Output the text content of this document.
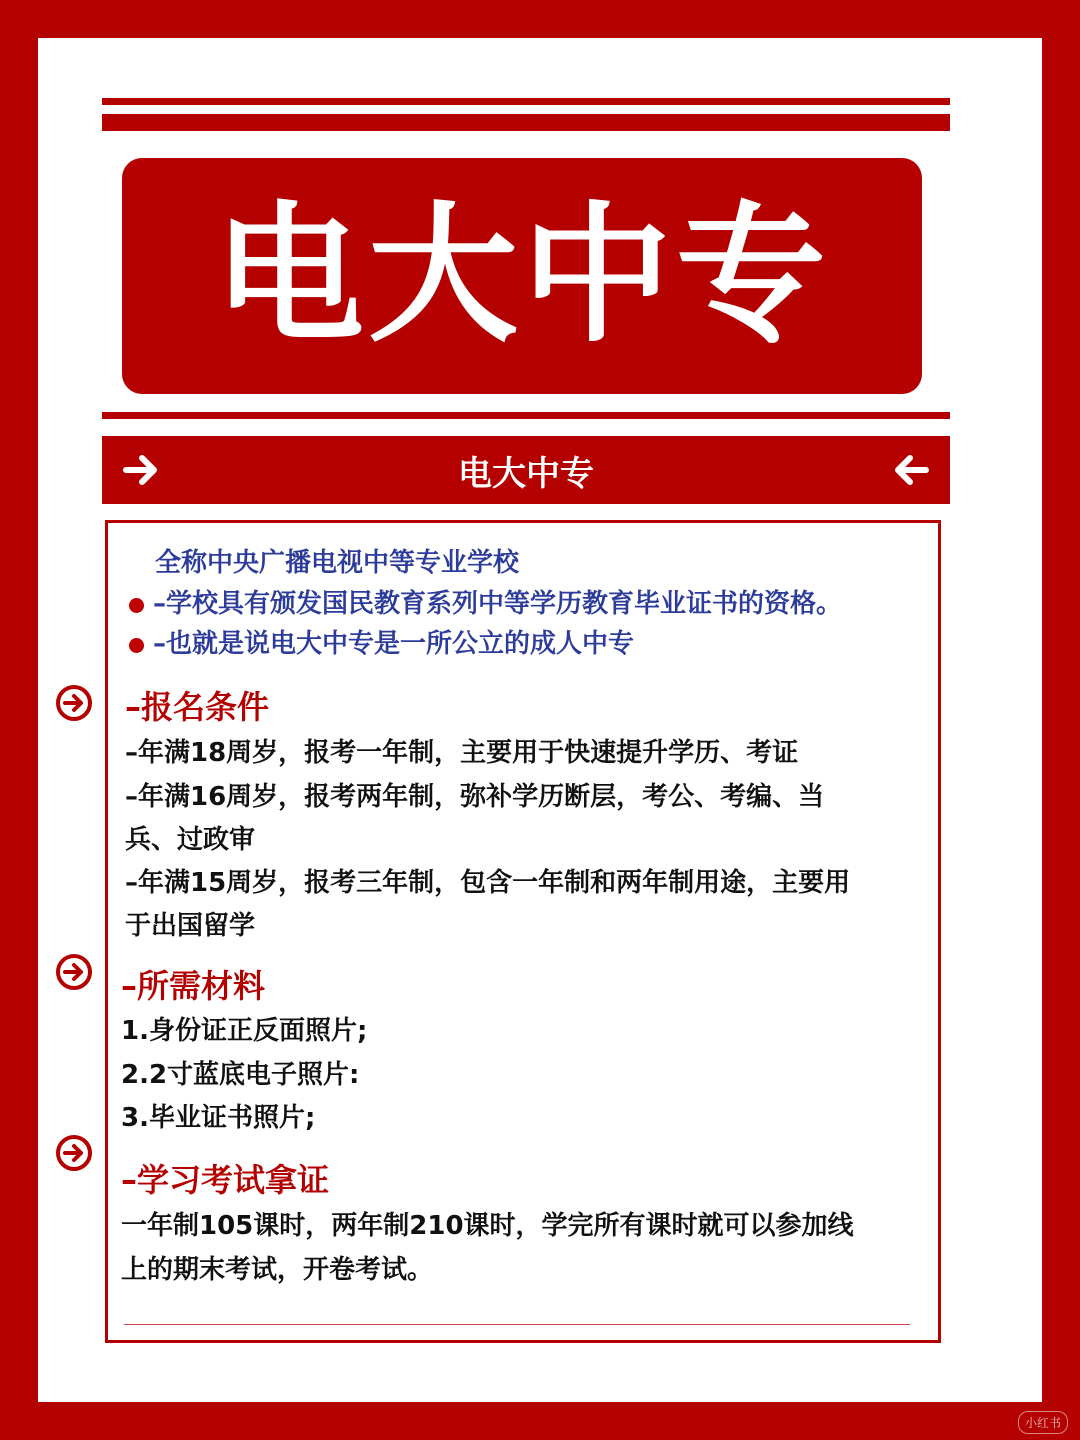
电大中专
电大中专
全称中央广播电视中等专业学校
–学校具有颁发国民教育系列中等学历教育毕业证书的资格。
–也就是说电大中专是一所公立的成人中专
–报名条件
–年满18周岁，报考一年制，主要用于快速提升学历、考证
–年满16周岁，报考两年制，弥补学历断层，考公、考编、当
兵、过政审
–年满15周岁，报考三年制，包含一年制和两年制用途，主要用
于出国留学
–所需材料
1.身份证正反面照片;
2.2寸蓝底电子照片:
3.毕业证书照片;
–学习考试拿证
一年制105课时，两年制210课时，学完所有课时就可以参加线
上的期末考试，开卷考试。
小红书
